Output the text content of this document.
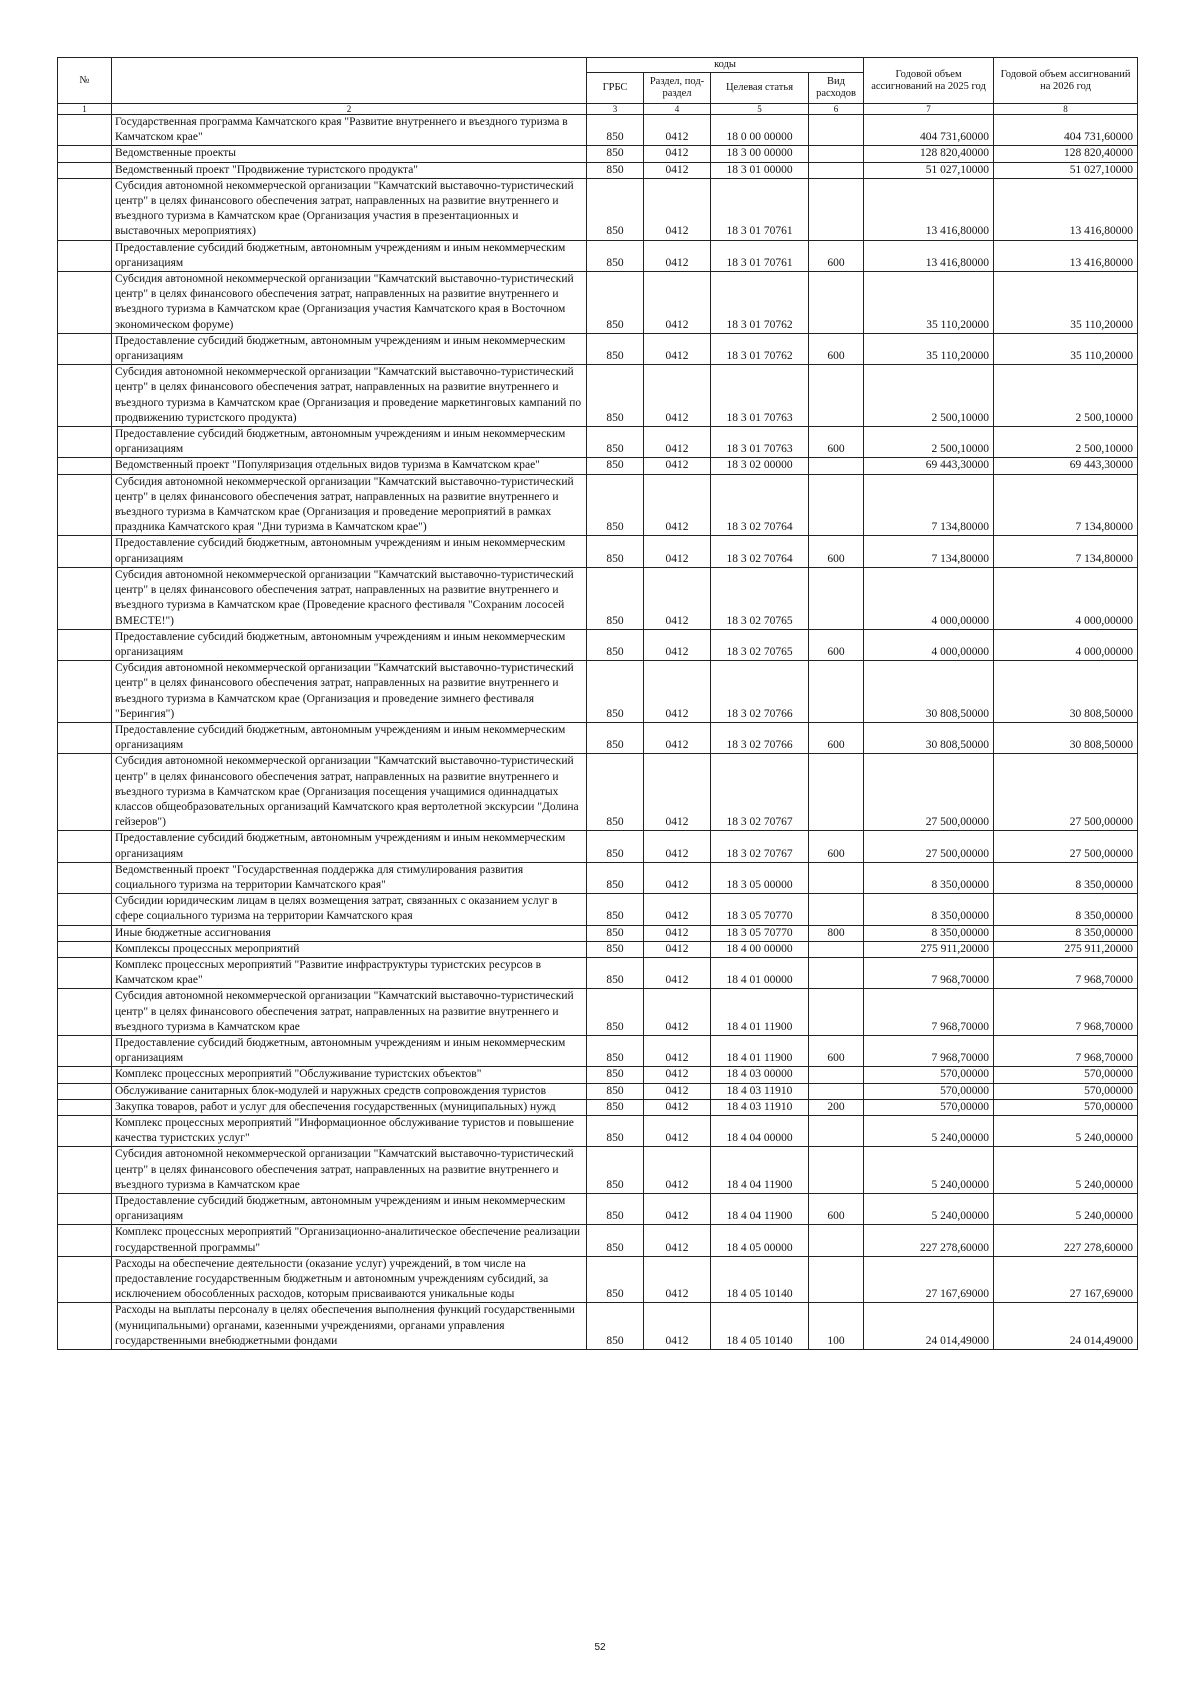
№		коды				Годовой объем ассигнований на 2025 год	Годовой объем ассигнований на 2026 год
		ГРБС	Раздел, под-раздел	Целевая статья	Вид расходов		
1	2	3	4	5	6	7	8
	Государственная программа Камчатского края "Развитие внутреннего и въездного туризма в Камчатском крае"	850	0412	18 0 00 00000		404 731,60000	404 731,60000
	Ведомственные проекты	850	0412	18 3 00 00000		128 820,40000	128 820,40000
	Ведомственный проект "Продвижение туристского продукта"	850	0412	18 3 01 00000		51 027,10000	51 027,10000
	Субсидия автономной некоммерческой организации "Камчатский выставочно-туристический центр" в целях финансового обеспечения затрат, направленных на развитие внутреннего и въездного туризма в Камчатском крае (Организация участия в презентационных и выставочных мероприятиях)	850	0412	18 3 01 70761		13 416,80000	13 416,80000
	Предоставление субсидий бюджетным, автономным учреждениям и иным некоммерческим организациям	850	0412	18 3 01 70761	600	13 416,80000	13 416,80000
	Субсидия автономной некоммерческой организации "Камчатский выставочно-туристический центр" в целях финансового обеспечения затрат, направленных на развитие внутреннего и въездного туризма в Камчатском крае (Организация участия Камчатского края в Восточном экономическом форуме)	850	0412	18 3 01 70762		35 110,20000	35 110,20000
	Предоставление субсидий бюджетным, автономным учреждениям и иным некоммерческим организациям	850	0412	18 3 01 70762	600	35 110,20000	35 110,20000
	Субсидия автономной некоммерческой организации "Камчатский выставочно-туристический центр" в целях финансового обеспечения затрат, направленных на развитие внутреннего и въездного туризма в Камчатском крае (Организация и проведение маркетинговых кампаний по продвижению туристского продукта)	850	0412	18 3 01 70763		2 500,10000	2 500,10000
	Предоставление субсидий бюджетным, автономным учреждениям и иным некоммерческим организациям	850	0412	18 3 01 70763	600	2 500,10000	2 500,10000
	Ведомственный проект "Популяризация отдельных видов туризма в Камчатском крае"	850	0412	18 3 02 00000		69 443,30000	69 443,30000
	Субсидия автономной некоммерческой организации "Камчатский выставочно-туристический центр" в целях финансового обеспечения затрат, направленных на развитие внутреннего и въездного туризма в Камчатском крае (Организация и проведение мероприятий в рамках праздника Камчатского края "Дни туризма в Камчатском крае")	850	0412	18 3 02 70764		7 134,80000	7 134,80000
	Предоставление субсидий бюджетным, автономным учреждениям и иным некоммерческим организациям	850	0412	18 3 02 70764	600	7 134,80000	7 134,80000
	Субсидия автономной некоммерческой организации "Камчатский выставочно-туристический центр" в целях финансового обеспечения затрат, направленных на развитие внутреннего и въездного туризма в Камчатском крае (Проведение красного фестиваля "Сохраним лососей ВМЕСТЕ!")	850	0412	18 3 02 70765		4 000,00000	4 000,00000
	Предоставление субсидий бюджетным, автономным учреждениям и иным некоммерческим организациям	850	0412	18 3 02 70765	600	4 000,00000	4 000,00000
	Субсидия автономной некоммерческой организации "Камчатский выставочно-туристический центр" в целях финансового обеспечения затрат, направленных на развитие внутреннего и въездного туризма в Камчатском крае (Организация и проведение зимнего фестиваля "Берингия")	850	0412	18 3 02 70766		30 808,50000	30 808,50000
	Предоставление субсидий бюджетным, автономным учреждениям и иным некоммерческим организациям	850	0412	18 3 02 70766	600	30 808,50000	30 808,50000
	Субсидия автономной некоммерческой организации "Камчатский выставочно-туристический центр" в целях финансового обеспечения затрат, направленных на развитие внутреннего и въездного туризма в Камчатском крае (Организация посещения учащимися одиннадцатых классов общеобразовательных организаций Камчатского края вертолетной экскурсии "Долина гейзеров")	850	0412	18 3 02 70767		27 500,00000	27 500,00000
	Предоставление субсидий бюджетным, автономным учреждениям и иным некоммерческим организациям	850	0412	18 3 02 70767	600	27 500,00000	27 500,00000
	Ведомственный проект "Государственная поддержка для стимулирования развития социального туризма на территории Камчатского края"	850	0412	18 3 05 00000		8 350,00000	8 350,00000
	Субсидии юридическим лицам в целях возмещения затрат, связанных с оказанием услуг в сфере социального туризма на территории Камчатского края	850	0412	18 3 05 70770		8 350,00000	8 350,00000
	Иные бюджетные ассигнования	850	0412	18 3 05 70770	800	8 350,00000	8 350,00000
	Комплексы процессных мероприятий	850	0412	18 4 00 00000		275 911,20000	275 911,20000
	Комплекс процессных мероприятий "Развитие инфраструктуры туристских ресурсов в Камчатском крае"	850	0412	18 4 01 00000		7 968,70000	7 968,70000
	Субсидия автономной некоммерческой организации "Камчатский выставочно-туристический центр" в целях финансового обеспечения затрат, направленных на развитие внутреннего и въездного туризма в Камчатском крае	850	0412	18 4 01 11900		7 968,70000	7 968,70000
	Предоставление субсидий бюджетным, автономным учреждениям и иным некоммерческим организациям	850	0412	18 4 01 11900	600	7 968,70000	7 968,70000
	Комплекс процессных мероприятий "Обслуживание туристских объектов"	850	0412	18 4 03 00000		570,00000	570,00000
	Обслуживание санитарных блок-модулей и наружных средств сопровождения туристов	850	0412	18 4 03 11910		570,00000	570,00000
	Закупка товаров, работ и услуг для обеспечения государственных (муниципальных) нужд	850	0412	18 4 03 11910	200	570,00000	570,00000
	Комплекс процессных мероприятий "Информационное обслуживание туристов и повышение качества туристских услуг"	850	0412	18 4 04 00000		5 240,00000	5 240,00000
	Субсидия автономной некоммерческой организации "Камчатский выставочно-туристический центр" в целях финансового обеспечения затрат, направленных на развитие внутреннего и въездного туризма в Камчатском крае	850	0412	18 4 04 11900		5 240,00000	5 240,00000
	Предоставление субсидий бюджетным, автономным учреждениям и иным некоммерческим организациям	850	0412	18 4 04 11900	600	5 240,00000	5 240,00000
	Комплекс процессных мероприятий "Организационно-аналитическое обеспечение реализации государственной программы"	850	0412	18 4 05 00000		227 278,60000	227 278,60000
	Расходы на обеспечение деятельности (оказание услуг) учреждений, в том числе на предоставление государственным бюджетным и автономным учреждениям субсидий, за исключением обособленных расходов, которым присваиваются уникальные коды	850	0412	18 4 05 10140		27 167,69000	27 167,69000
	Расходы на выплаты персоналу в целях обеспечения выполнения функций государственными (муниципальными) органами, казенными учреждениями, органами управления государственными внебюджетными фондами	850	0412	18 4 05 10140	100	24 014,49000	24 014,49000
52
